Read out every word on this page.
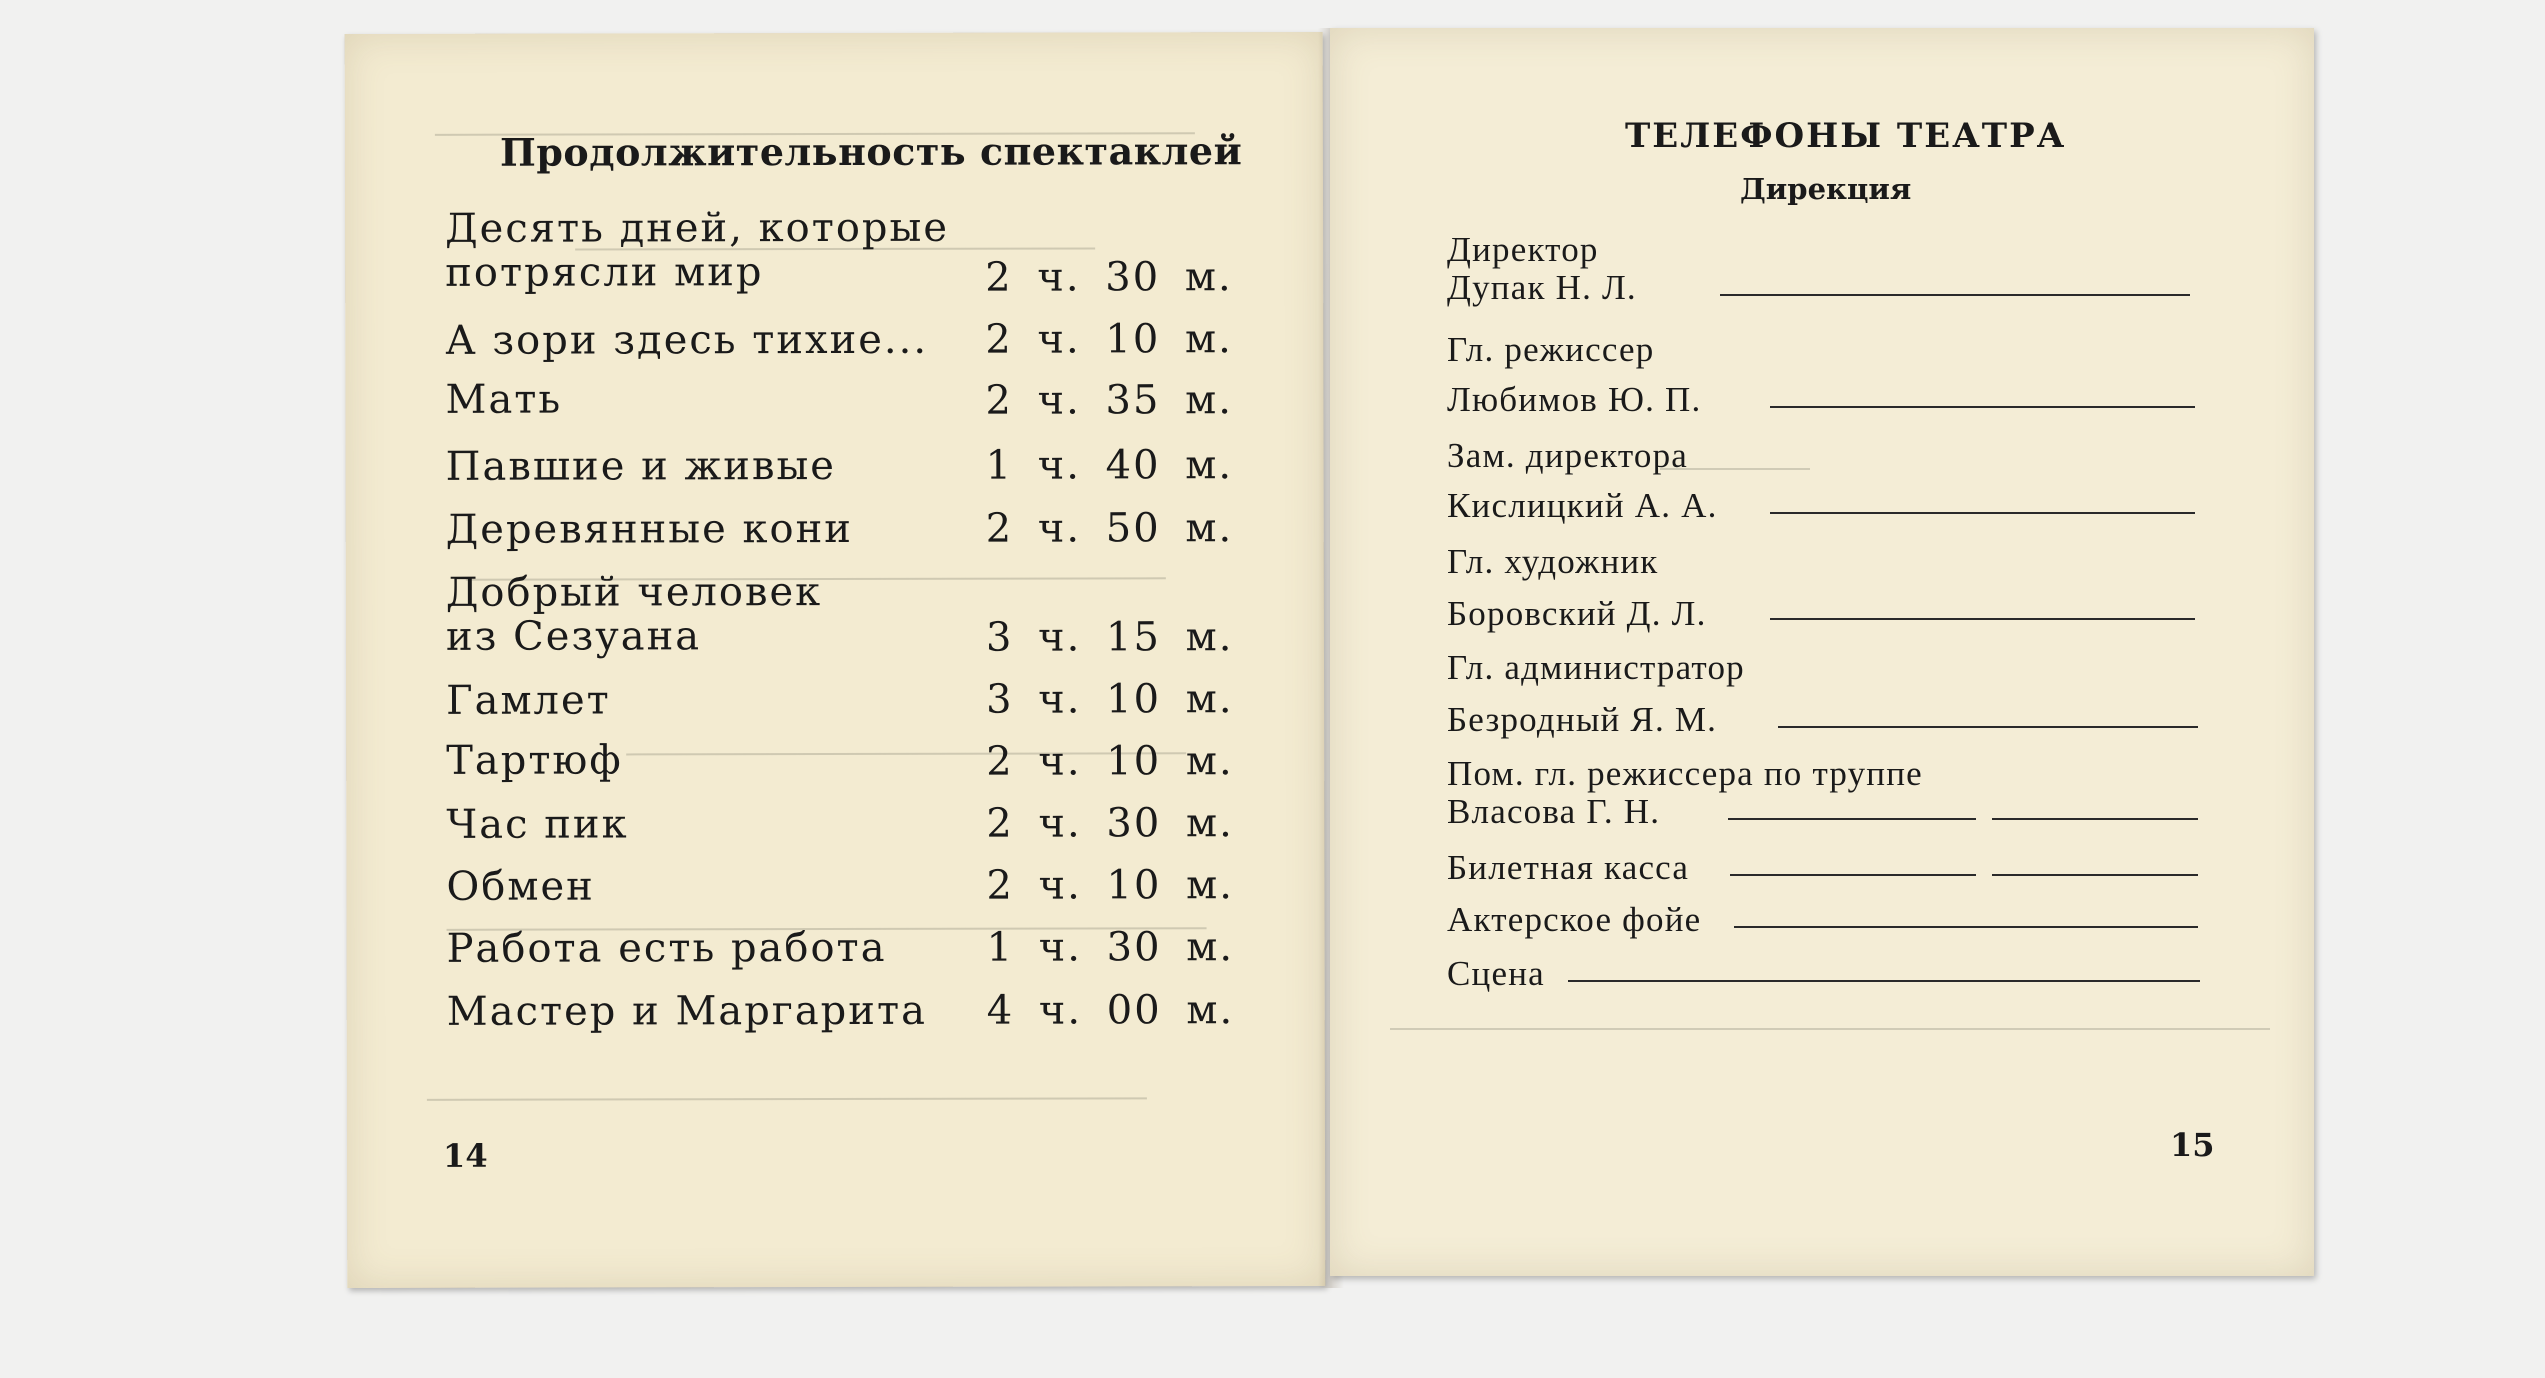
Продолжительность спектаклей
Десять дней, которые
потрясли мир	2 ч. 30 м.
А зори здесь тихие... 2 ч. 10 м.
Мать	2 ч. 35 м.
Павшие и живые	1 ч. 40 м.
Деревянные кони	2 ч. 50 м.
Добрый человек
из Сезуана	3 ч. 15 м.
Гамлет	3 ч. 10 м.
Тартюф	2 ч. 10 м.
Час пик	2 ч. 30 м.
Обмен	2 ч. 10 м.
Работа есть работа 1 ч. 30 м.
Мастер и Маргарита 4 ч. 00 м.
14
ТЕЛЕФОНЫ ТЕАТРА
Дирекция
Директор
Дупак Н. Л.
Гл. режиссер
Любимов Ю. П.
Зам. директора
Кислицкий А. А.
Гл. художник
Боровский Д. Л.
Гл. администратор
Безродный Я. М.
Пом. гл. режиссера по труппе
Власова Г. Н.
Билетная касса
Актерское фойе
Сцена
15
